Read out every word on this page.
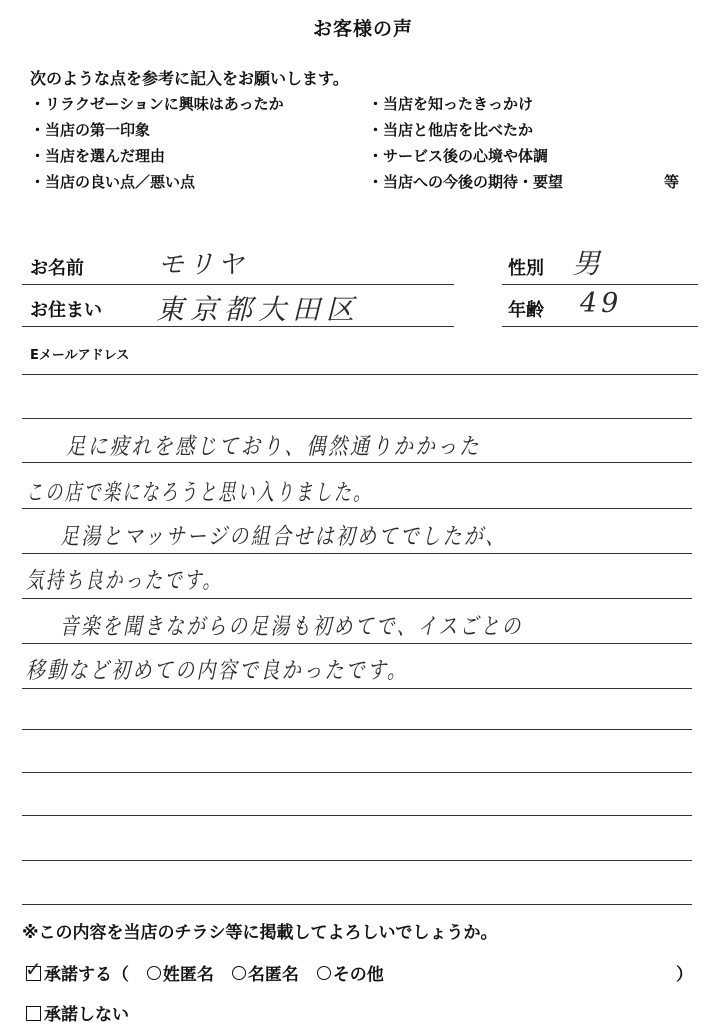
お客様の声
次のような点を参考に記入をお願いします。
・リラクゼーションに興味はあったか
・当店の第一印象
・当店を選んだ理由
・当店の良い点／悪い点
・当店を知ったきっかけ
・当店と他店を比べたか
・サービス後の心境や体調
・当店への今後の期待・要望	等
お名前	モリヤ	性別 男
お住まい 東京都大田区	年齢 49
Eメールアドレス
足に疲れを感じており、偶然通りかかった
この店で楽になろうと思い入りました。
足湯とマッサージの組合せは初めてでしたが、
気持ち良かったです。
音楽を聞きながらの足湯も初めてで、イスごとの
移動など初めての内容で良かったです。
※この内容を当店のチラシ等に掲載してよろしいでしょうか。
✓ 承諾する（ 姓匿名 名匿名 その他	）
承諾しない
